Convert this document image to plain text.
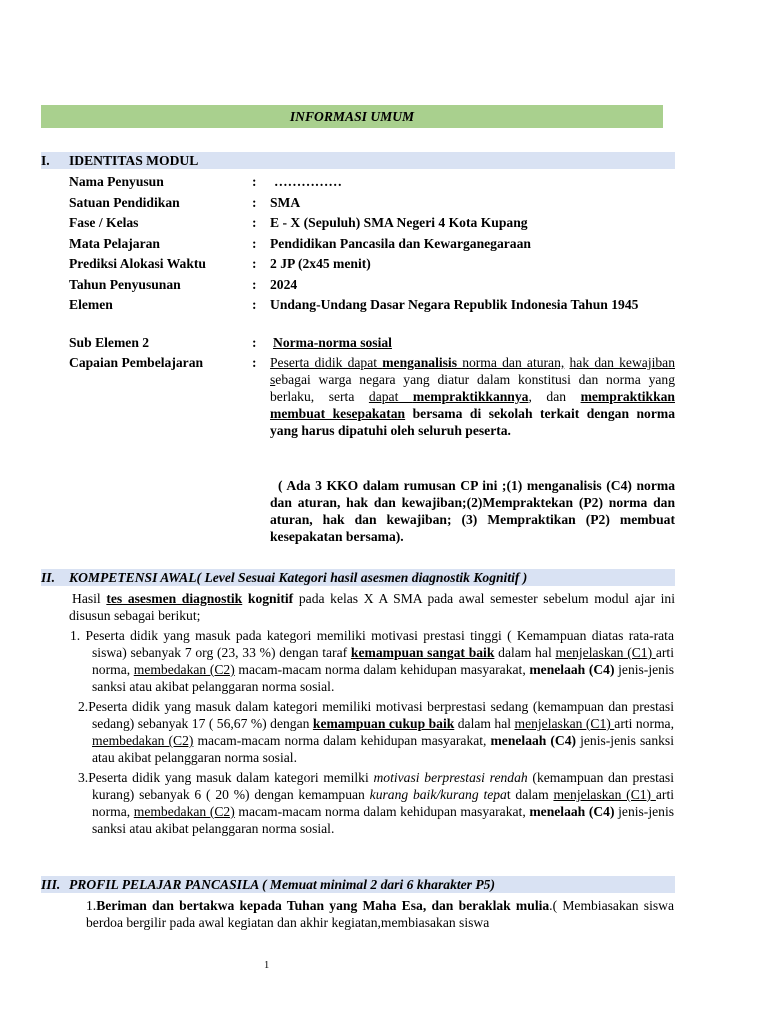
INFORMASI UMUM
I. IDENTITAS MODUL
Nama Penyusun	: ……………
Satuan Pendidikan	: SMA
Fase / Kelas	: E - X (Sepuluh) SMA Negeri 4 Kota Kupang
Mata Pelajaran	: Pendidikan Pancasila dan Kewarganegaraan
Prediksi Alokasi Waktu	: 2 JP (2x45 menit)
Tahun Penyusunan	: 2024
Elemen	: Undang-Undang Dasar Negara Republik Indonesia Tahun 1945
Sub Elemen 2	: Norma-norma sosial
Capaian Pembelajaran	: Peserta didik dapat menganalisis norma dan aturan, hak dan kewajiban sebagai warga negara yang diatur dalam konstitusi dan norma yang berlaku, serta dapat mempraktikkannya, dan mempraktikkan membuat kesepakatan bersama di sekolah terkait dengan norma yang harus dipatuhi oleh seluruh peserta.

( Ada 3 KKO dalam rumusan CP ini ;(1) menganalisis (C4) norma dan aturan, hak dan kewajiban;(2)Mempraktekan (P2) norma dan aturan, hak dan kewajiban; (3) Mempraktikan (P2) membuat kesepakatan bersama).
II. KOMPETENSI AWAL( Level Sesuai Kategori hasil asesmen diagnostik Kognitif )

Hasil tes asesmen diagnostik kognitif pada kelas X A SMA pada awal semester sebelum modul ajar ini disusun sebagai berikut;

1. Peserta didik yang masuk pada kategori memiliki motivasi prestasi tinggi ( Kemampuan diatas rata-rata siswa) sebanyak 7 org (23, 33 %) dengan taraf kemampuan sangat baik dalam hal menjelaskan (C1) arti norma, membedakan (C2) macam-macam norma dalam kehidupan masyarakat, menelaah (C4) jenis-jenis sanksi atau akibat pelanggaran norma sosial.

2.Peserta didik yang masuk dalam kategori memiliki motivasi berprestasi sedang (kemampuan dan prestasi sedang) sebanyak 17 ( 56,67 %) dengan kemampuan cukup baik dalam hal menjelaskan (C1) arti norma, membedakan (C2) macam-macam norma dalam kehidupan masyarakat, menelaah (C4) jenis-jenis sanksi atau akibat pelanggaran norma sosial.

3.Peserta didik yang masuk dalam kategori memilki motivasi berprestasi rendah (kemampuan dan prestasi kurang) sebanyak 6 ( 20 %) dengan kemampuan kurang baik/kurang tepat dalam menjelaskan (C1) arti norma, membedakan (C2) macam-macam norma dalam kehidupan masyarakat, menelaah (C4) jenis-jenis sanksi atau akibat pelanggaran norma sosial.

III. PROFIL PELAJAR PANCASILA ( Memuat minimal 2 dari 6 kharakter P5)

1.Beriman dan bertakwa kepada Tuhan yang Maha Esa, dan beraklak mulia.( Membiasakan siswa berdoa bergilir pada awal kegiatan dan akhir kegiatan,membiasakan siswa

1
